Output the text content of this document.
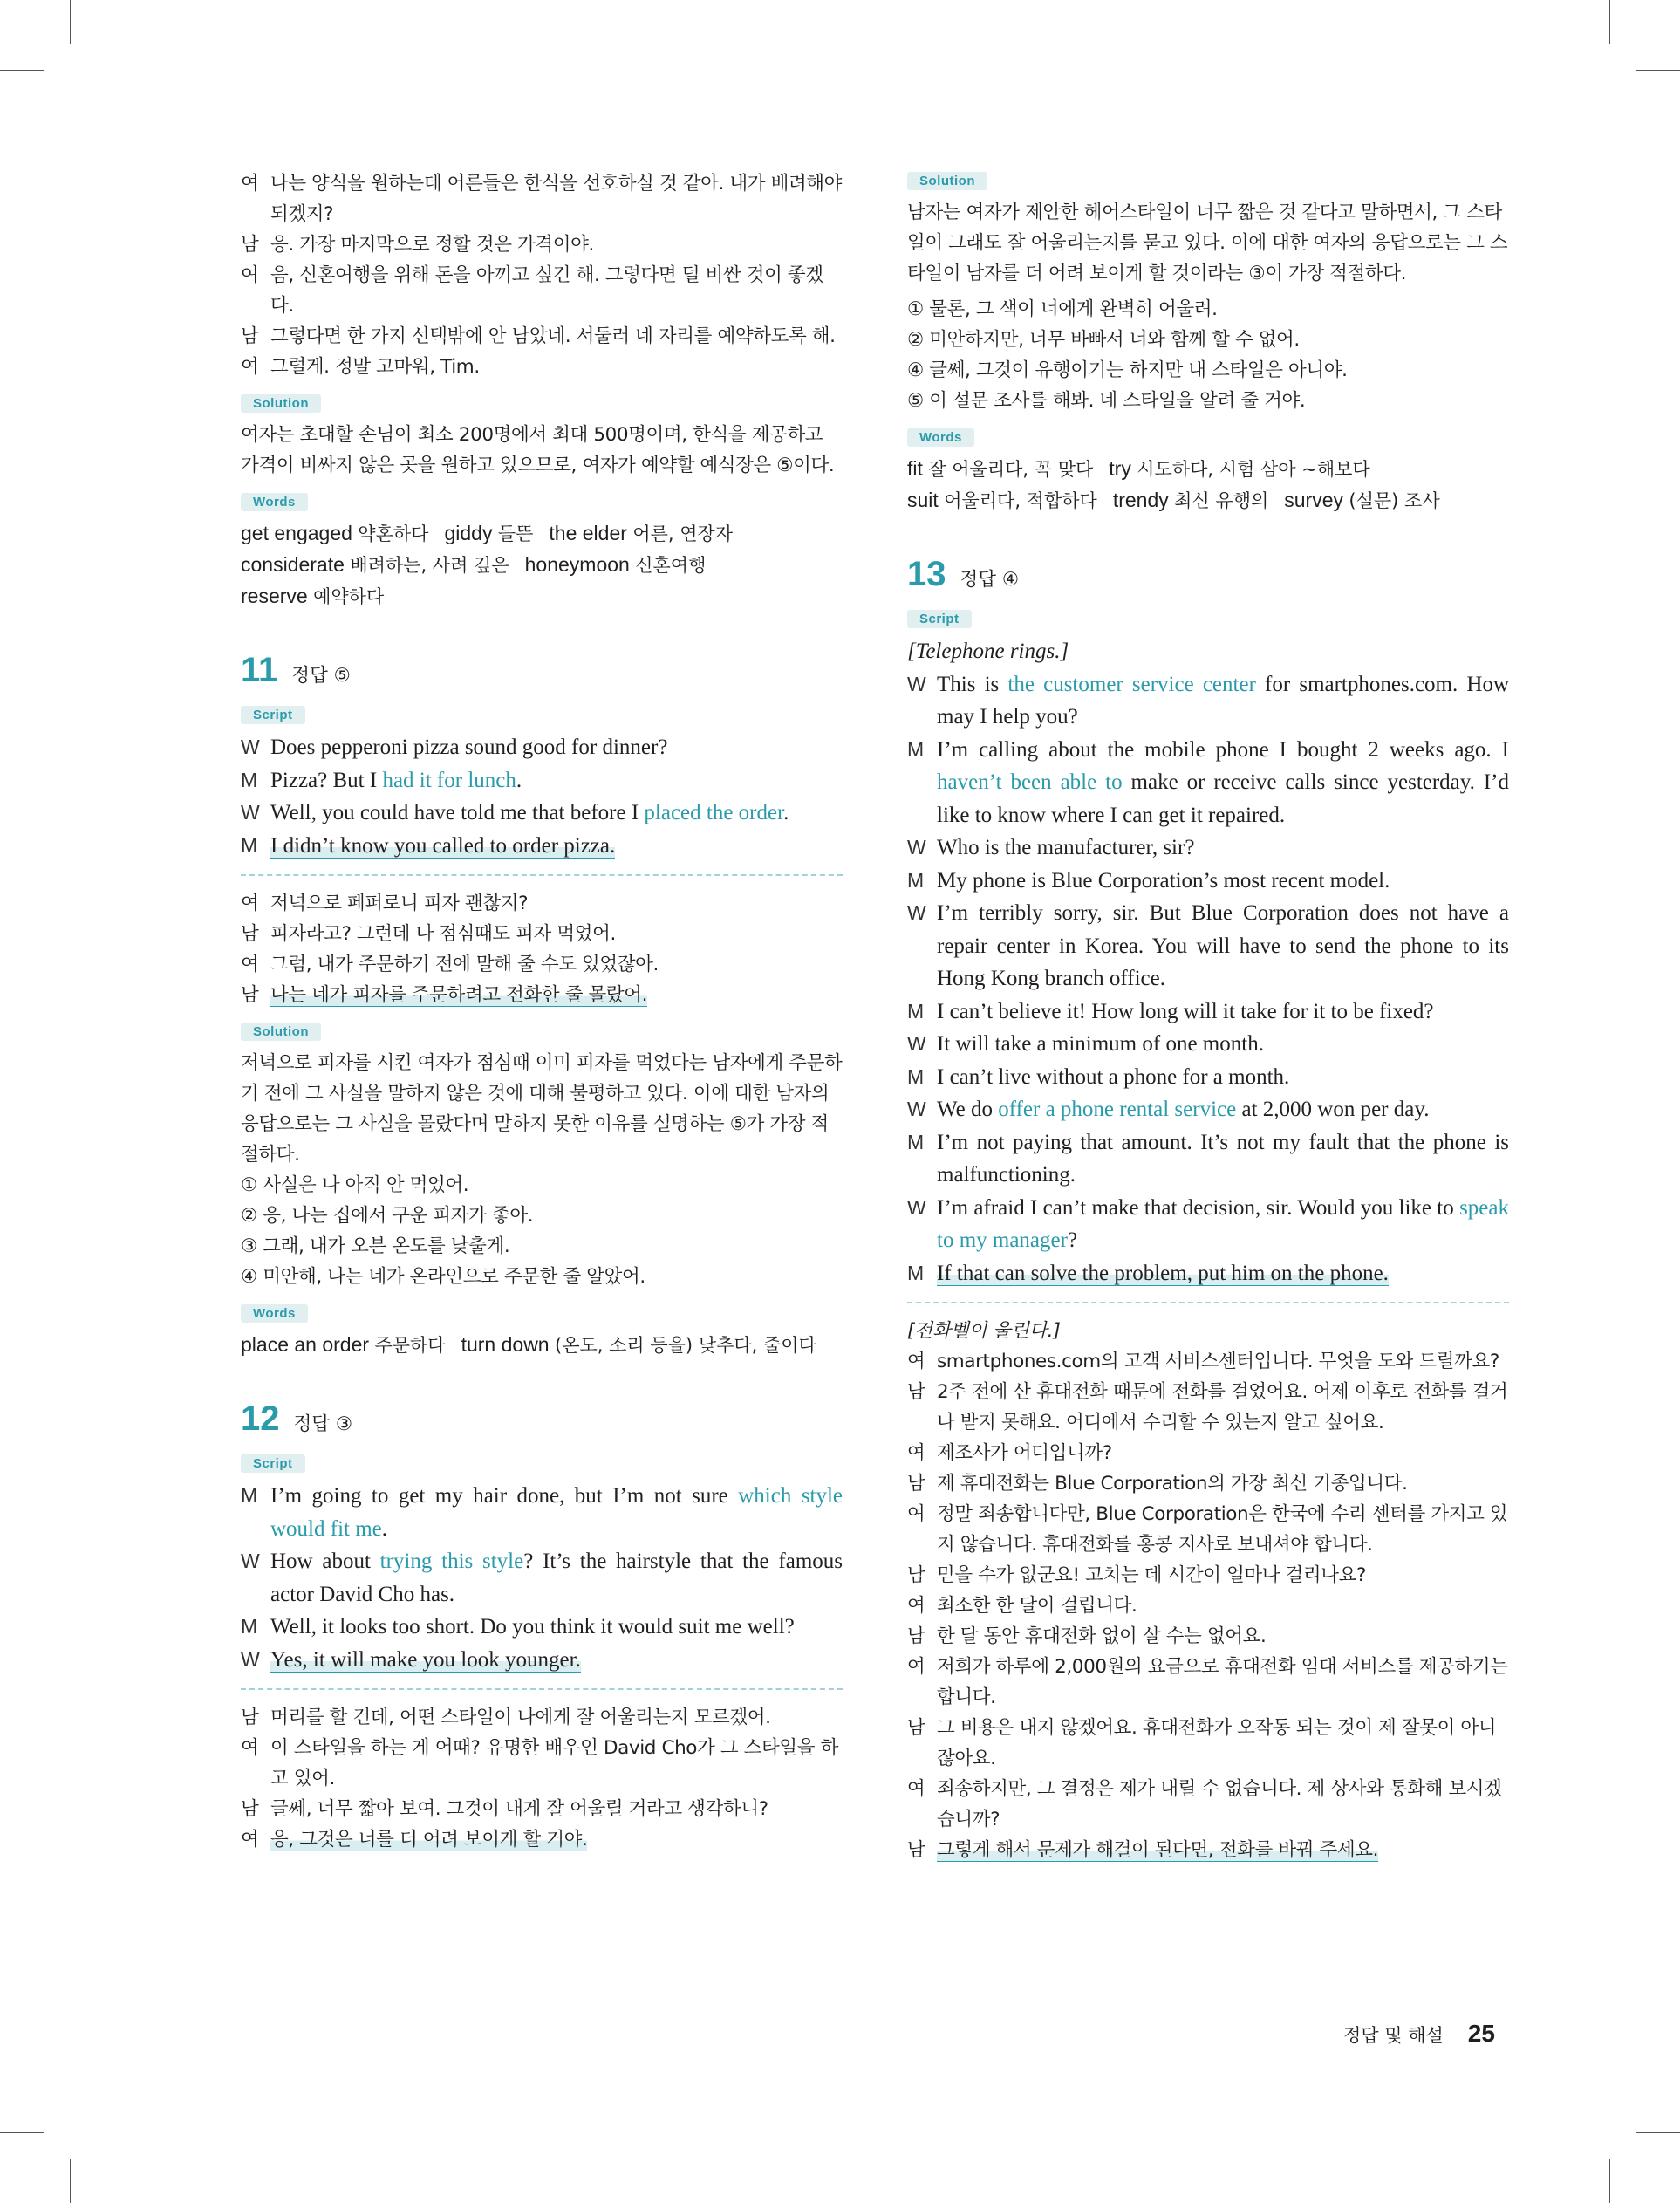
여 나는 양식을 원하는데 어른들은 한식을 선호하실 것 같아. 내가 배려해야
되겠지?
남 응. 가장 마지막으로 정할 것은 가격이야.
여 음, 신혼여행을 위해 돈을 아끼고 싶긴 해. 그렇다면 덜 비싼 것이 좋겠다.
남 그렇다면 한 가지 선택밖에 안 남았네. 서둘러 네 자리를 예약하도록 해.
여 그럴게. 정말 고마워, Tim.
Solution
여자는 초대할 손님이 최소 200명에서 최대 500명이며, 한식을 제공하고
가격이 비싸지 않은 곳을 원하고 있으므로, 여자가 예약할 예식장은 ⑤이다.
Words
get engaged 약혼하다 giddy 들뜬 the elder 어른, 연장자
considerate 배려하는, 사려 깊은 honeymoon 신혼여행
reserve 예약하다
11 정답 ⑤
Script
W Does pepperoni pizza sound good for dinner?
M Pizza? But I had it for lunch.
W Well, you could have told me that before I placed the order.
M I didn’t know you called to order pizza.
여 저녁으로 페퍼로니 피자 괜찮지?
남 피자라고? 그런데 나 점심때도 피자 먹었어.
여 그럼, 내가 주문하기 전에 말해 줄 수도 있었잖아.
남 나는 네가 피자를 주문하려고 전화한 줄 몰랐어.
Solution
저녁으로 피자를 시킨 여자가 점심때 이미 피자를 먹었다는 남자에게 주문하
기 전에 그 사실을 말하지 않은 것에 대해 불평하고 있다. 이에 대한 남자의
응답으로는 그 사실을 몰랐다며 말하지 못한 이유를 설명하는 ⑤가 가장 적
절하다.
① 사실은 나 아직 안 먹었어.
② 응, 나는 집에서 구운 피자가 좋아.
③ 그래, 내가 오븐 온도를 낮출게.
④ 미안해, 나는 네가 온라인으로 주문한 줄 알았어.
Words
place an order 주문하다 turn down (온도, 소리 등을) 낮추다, 줄이다
12 정답 ③
Script
M I’m going to get my hair done, but I’m not sure which style would fit me.
W How about trying this style? It’s the hairstyle that the famous actor David Cho has.
M Well, it looks too short. Do you think it would suit me well?
W Yes, it will make you look younger.
남 머리를 할 건데, 어떤 스타일이 나에게 잘 어울리는지 모르겠어.
여 이 스타일을 하는 게 어때? 유명한 배우인 David Cho가 그 스타일을 하고 있어.
남 글쎄, 너무 짧아 보여. 그것이 내게 잘 어울릴 거라고 생각하니?
여 응, 그것은 너를 더 어려 보이게 할 거야.
Solution
남자는 여자가 제안한 헤어스타일이 너무 짧은 것 같다고 말하면서, 그 스타
일이 그래도 잘 어울리는지를 묻고 있다. 이에 대한 여자의 응답으로는 그 스
타일이 남자를 더 어려 보이게 할 것이라는 ③이 가장 적절하다.
① 물론, 그 색이 너에게 완벽히 어울려.
② 미안하지만, 너무 바빠서 너와 함께 할 수 없어.
④ 글쎄, 그것이 유행이기는 하지만 내 스타일은 아니야.
⑤ 이 설문 조사를 해봐. 네 스타일을 알려 줄 거야.
Words
fit 잘 어울리다, 꼭 맞다 try 시도하다, 시험 삼아 ~해보다
suit 어울리다, 적합하다 trendy 최신 유행의 survey (설문) 조사
13 정답 ④
Script
[Telephone rings.]
W This is the customer service center for smartphones.com. How may I help you?
M I’m calling about the mobile phone I bought 2 weeks ago. I haven’t been able to make or receive calls since yesterday. I’d like to know where I can get it repaired.
W Who is the manufacturer, sir?
M My phone is Blue Corporation’s most recent model.
W I’m terribly sorry, sir. But Blue Corporation does not have a repair center in Korea. You will have to send the phone to its Hong Kong branch office.
M I can’t believe it! How long will it take for it to be fixed?
W It will take a minimum of one month.
M I can’t live without a phone for a month.
W We do offer a phone rental service at 2,000 won per day.
M I’m not paying that amount. It’s not my fault that the phone is malfunctioning.
W I’m afraid I can’t make that decision, sir. Would you like to speak to my manager?
M If that can solve the problem, put him on the phone.
[전화벨이 울린다.]
여 smartphones.com의 고객 서비스센터입니다. 무엇을 도와 드릴까요?
남 2주 전에 산 휴대전화 때문에 전화를 걸었어요. 어제 이후로 전화를 걸거나 받지 못해요. 어디에서 수리할 수 있는지 알고 싶어요.
여 제조사가 어디입니까?
남 제 휴대전화는 Blue Corporation의 가장 최신 기종입니다.
여 정말 죄송합니다만, Blue Corporation은 한국에 수리 센터를 가지고 있지 않습니다. 휴대전화를 홍콩 지사로 보내셔야 합니다.
남 믿을 수가 없군요! 고치는 데 시간이 얼마나 걸리나요?
여 최소한 한 달이 걸립니다.
남 한 달 동안 휴대전화 없이 살 수는 없어요.
여 저희가 하루에 2,000원의 요금으로 휴대전화 임대 서비스를 제공하기는 합니다.
남 그 비용은 내지 않겠어요. 휴대전화가 오작동 되는 것이 제 잘못이 아니잖아요.
여 죄송하지만, 그 결정은 제가 내릴 수 없습니다. 제 상사와 통화해 보시겠습니까?
남 그렇게 해서 문제가 해결이 된다면, 전화를 바꿔 주세요.
정답 및 해설 25
